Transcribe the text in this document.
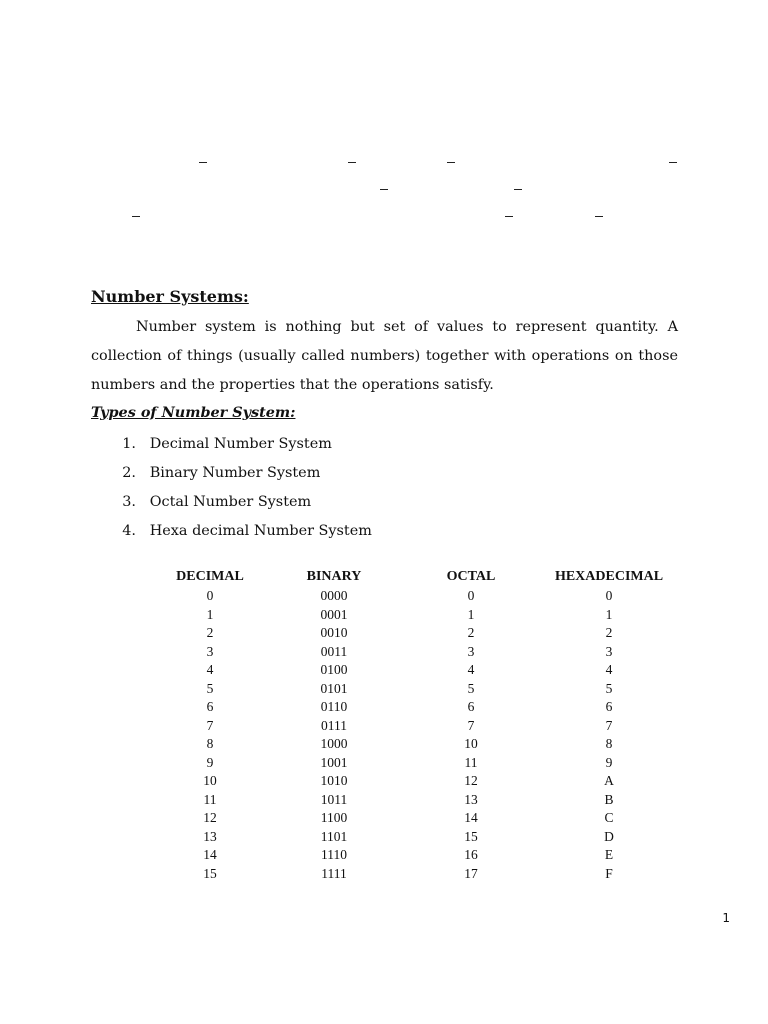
Number Systems:

Number system is nothing but set of values to represent quantity. A collection of things (usually called numbers) together with operations on those numbers and the properties that the operations satisfy.

Types of Number System:
1. Decimal Number System
2. Binary Number System
3. Octal Number System
4. Hexa decimal Number System
DECIMAL	BINARY	OCTAL	HEXADECIMAL
0	0000	0	0
1	0001	1	1
2	0010	2	2
3	0011	3	3
4	0100	4	4
5	0101	5	5
6	0110	6	6
7	0111	7	7
8	1000	10	8
9	1001	11	9
10	1010	12	A
11	1011	13	B
12	1100	14	C
13	1101	15	D
14	1110	16	E
15	1111	17	F

1
